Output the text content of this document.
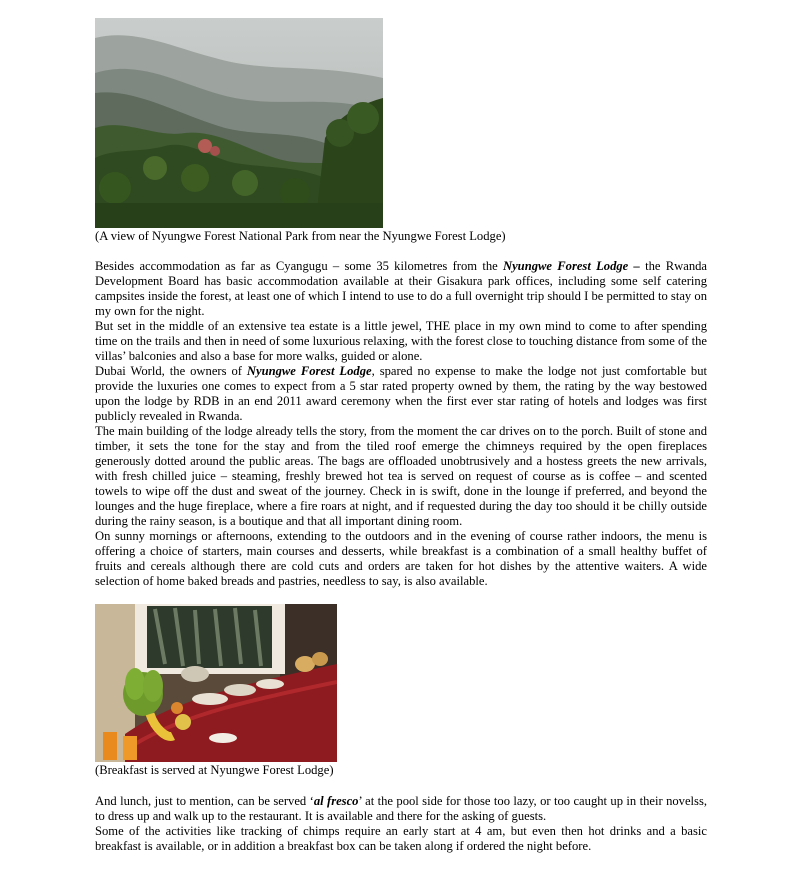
(A view of Nyungwe Forest National Park from near the Nyungwe Forest Lodge)

Besides accommodation as far as Cyangugu – some 35 kilometres from the Nyungwe Forest Lodge – the Rwanda Development Board has basic accommodation available at their Gisakura park offices, including some self catering campsites inside the forest, at least one of which I intend to use to do a full overnight trip should I be permitted to stay on my own for the night.

But set in the middle of an extensive tea estate is a little jewel, THE place in my own mind to come to after spending time on the trails and then in need of some luxurious relaxing, with the forest close to touching distance from some of the villas’ balconies and also a base for more walks, guided or alone.

Dubai World, the owners of Nyungwe Forest Lodge, spared no expense to make the lodge not just comfortable but provide the luxuries one comes to expect from a 5 star rated property owned by them, the rating by the way bestowed upon the lodge by RDB in an end 2011 award ceremony when the first ever star rating of hotels and lodges was first publicly revealed in Rwanda.

The main building of the lodge already tells the story, from the moment the car drives on to the porch. Built of stone and timber, it sets the tone for the stay and from the tiled roof emerge the chimneys required by the open fireplaces generously dotted around the public areas. The bags are offloaded unobtrusively and a hostess greets the new arrivals, with fresh chilled juice – steaming, freshly brewed hot tea is served on request of course as is coffee – and scented towels to wipe off the dust and sweat of the journey. Check in is swift, done in the lounge if preferred, and beyond the lounges and the huge fireplace, where a fire roars at night, and if requested during the day too should it be chilly outside during the rainy season, is a boutique and that all important dining room.

On sunny mornings or afternoons, extending to the outdoors and in the evening of course rather indoors, the menu is offering a choice of starters, main courses and desserts, while breakfast is a combination of a small healthy buffet of fruits and cereals although there are cold cuts and orders are taken for hot dishes by the attentive waiters. A wide selection of home baked breads and pastries, needless to say, is also available.

(Breakfast is served at Nyungwe Forest Lodge)

And lunch, just to mention, can be served ‘al fresco’ at the pool side for those too lazy, or too caught up in their novelss, to dress up and walk up to the restaurant. It is available and there for the asking of guests.

Some of the activities like tracking of chimps require an early start at 4 am, but even then hot drinks and a basic breakfast is available, or in addition a breakfast box can be taken along if ordered the night before.
